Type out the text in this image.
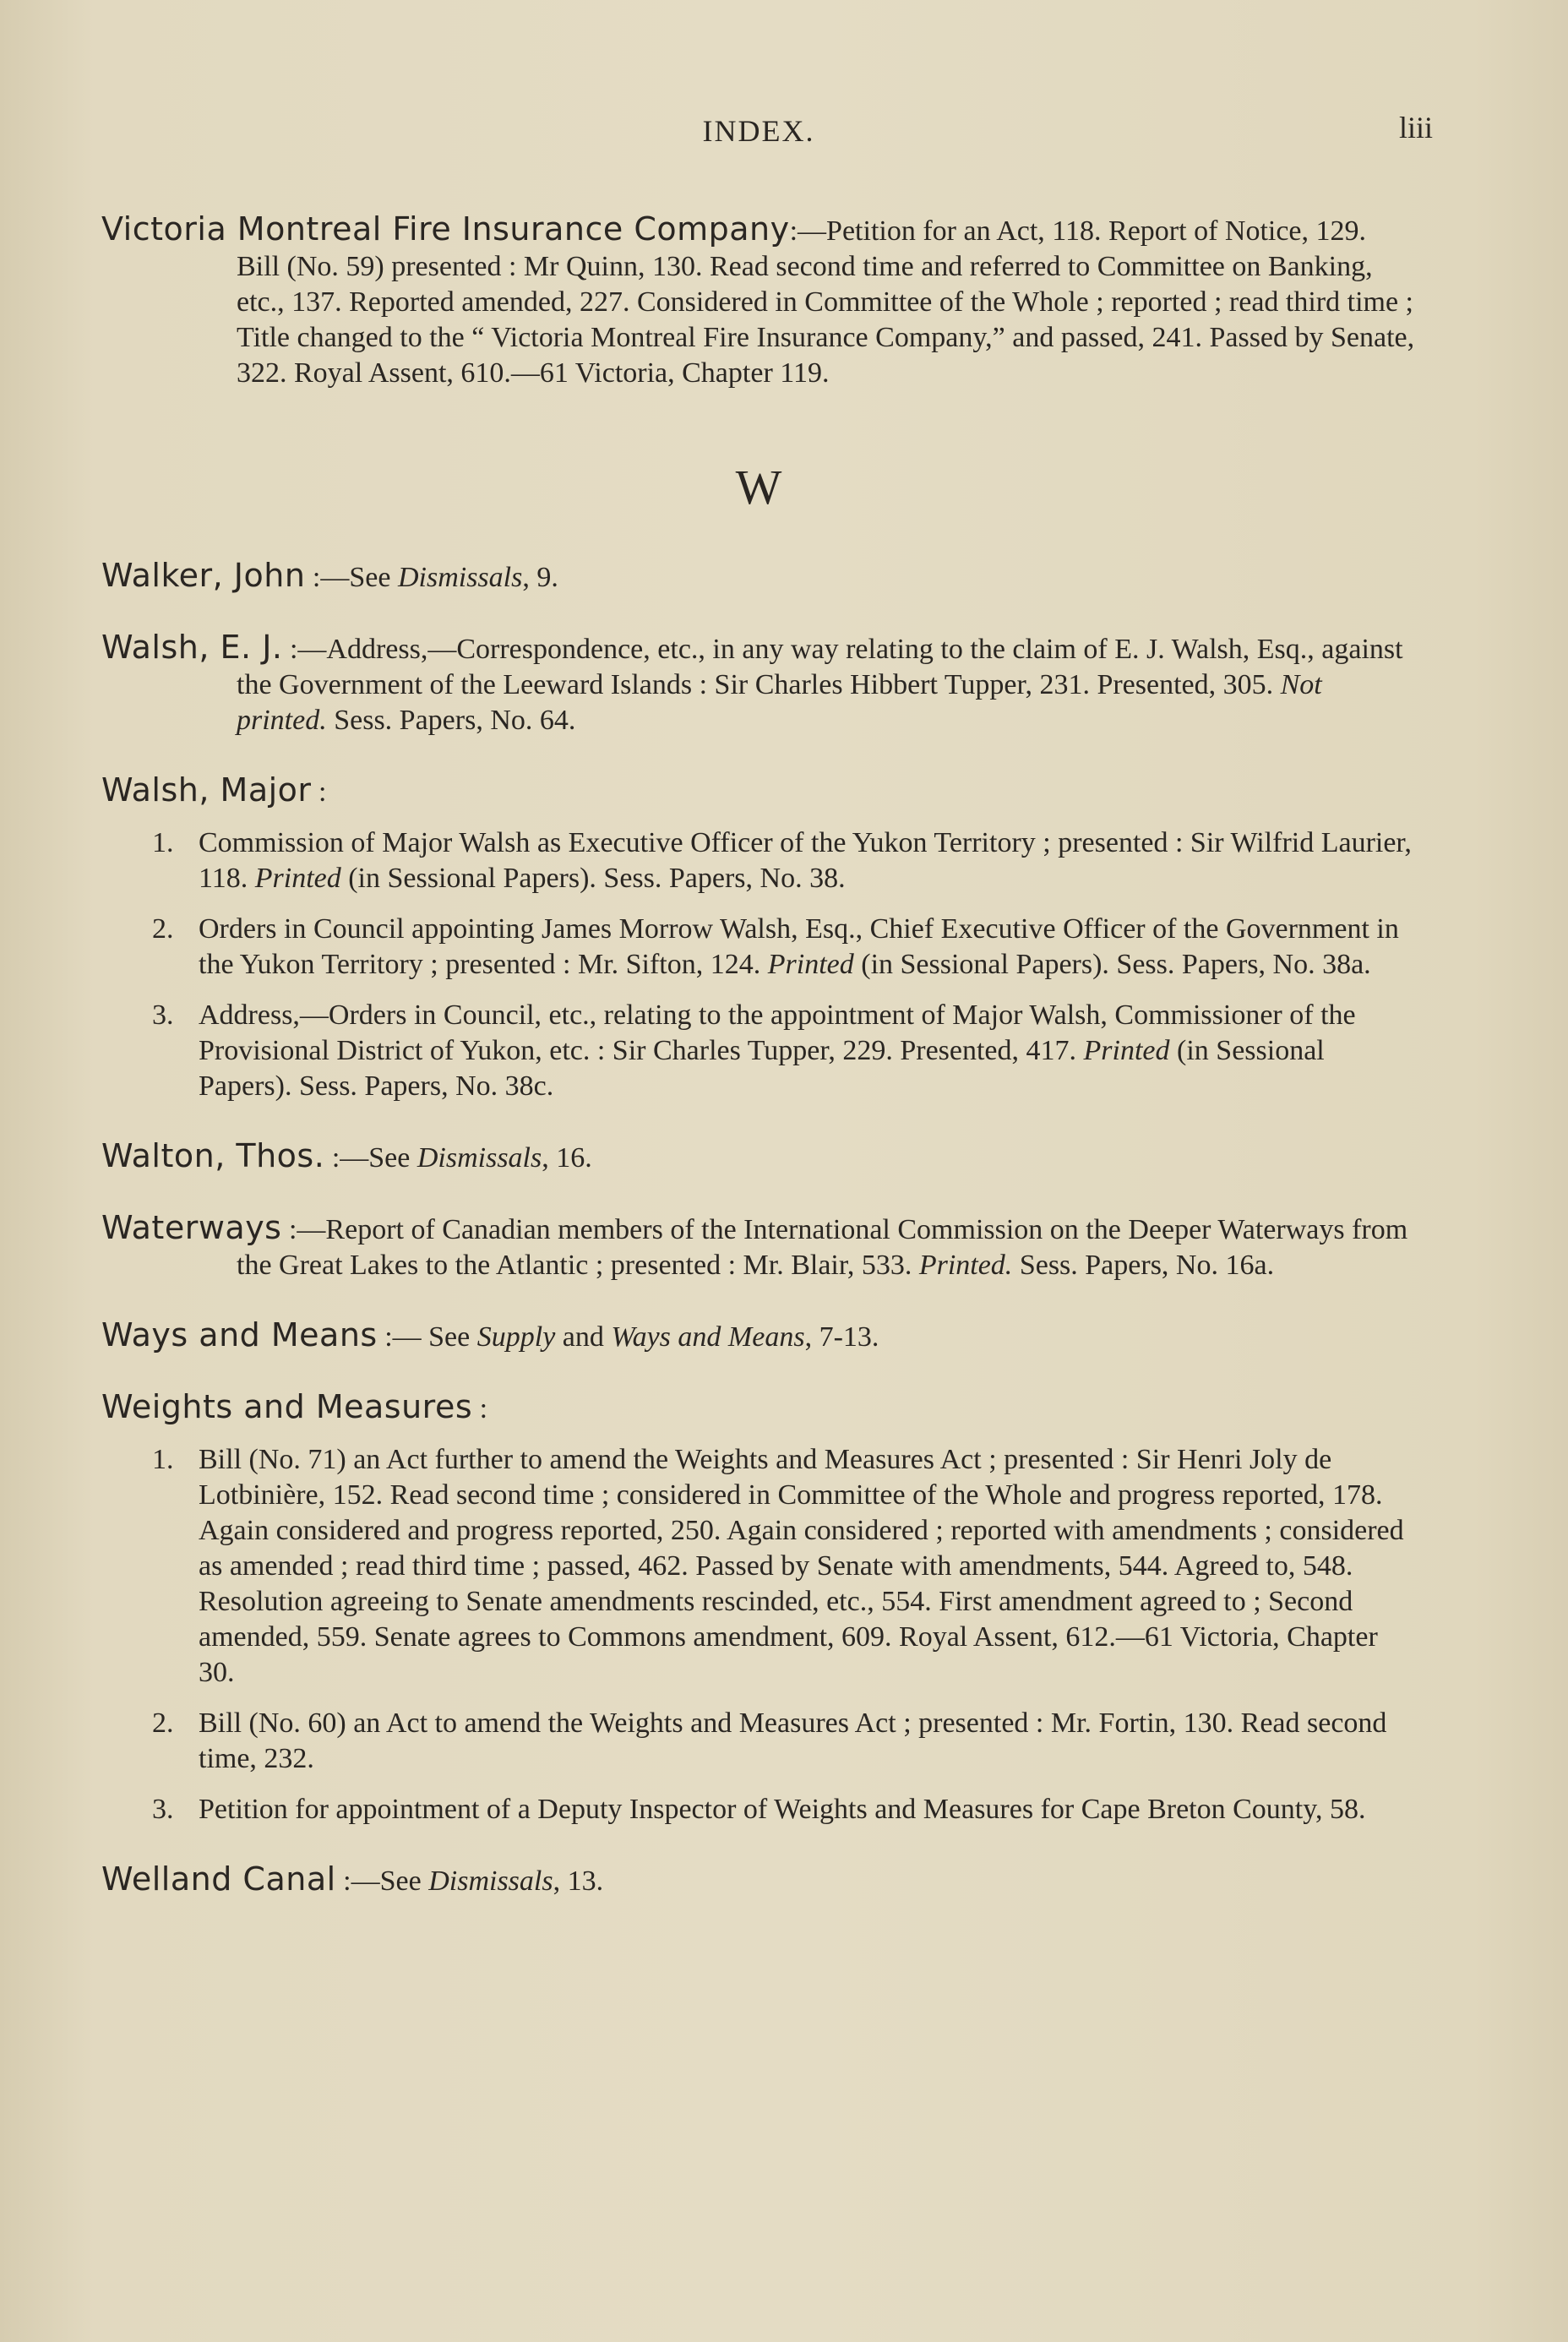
INDEX.	liii
Victoria Montreal Fire Insurance Company:—Petition for an Act, 118. Report of Notice, 129. Bill (No. 59) presented : Mr Quinn, 130. Read second time and referred to Committee on Banking, etc., 137. Reported amended, 227. Considered in Committee of the Whole ; reported ; read third time ; Title changed to the “ Victoria Montreal Fire Insurance Company,” and passed, 241. Passed by Senate, 322. Royal Assent, 610.—61 Victoria, Chapter 119.
W
Walker, John :—See Dismissals, 9.
Walsh, E. J. :—Address,—Correspondence, etc., in any way relating to the claim of E. J. Walsh, Esq., against the Government of the Leeward Islands : Sir Charles Hibbert Tupper, 231. Presented, 305. Not printed. Sess. Papers, No. 64.
Walsh, Major :
1. Commission of Major Walsh as Executive Officer of the Yukon Territory ; presented : Sir Wilfrid Laurier, 118. Printed (in Sessional Papers). Sess. Papers, No. 38.
2. Orders in Council appointing James Morrow Walsh, Esq., Chief Executive Officer of the Government in the Yukon Territory ; presented : Mr. Sifton, 124. Printed (in Sessional Papers). Sess. Papers, No. 38a.
3. Address,—Orders in Council, etc., relating to the appointment of Major Walsh, Commissioner of the Provisional District of Yukon, etc. : Sir Charles Tupper, 229. Presented, 417. Printed (in Sessional Papers). Sess. Papers, No. 38c.
Walton, Thos. :—See Dismissals, 16.
Waterways :—Report of Canadian members of the International Commission on the Deeper Waterways from the Great Lakes to the Atlantic ; presented : Mr. Blair, 533. Printed. Sess. Papers, No. 16a.
Ways and Means :— See Supply and Ways and Means, 7-13.
Weights and Measures :
1. Bill (No. 71) an Act further to amend the Weights and Measures Act ; presented : Sir Henri Joly de Lotbinière, 152. Read second time ; considered in Committee of the Whole and progress reported, 178. Again considered and progress reported, 250. Again considered ; reported with amendments ; considered as amended ; read third time ; passed, 462. Passed by Senate with amendments, 544. Agreed to, 548. Resolution agreeing to Senate amendments rescinded, etc., 554. First amendment agreed to ; Second amended, 559. Senate agrees to Commons amendment, 609. Royal Assent, 612.—61 Victoria, Chapter 30.
2. Bill (No. 60) an Act to amend the Weights and Measures Act ; presented : Mr. Fortin, 130. Read second time, 232.
3. Petition for appointment of a Deputy Inspector of Weights and Measures for Cape Breton County, 58.
Welland Canal :—See Dismissals, 13.
